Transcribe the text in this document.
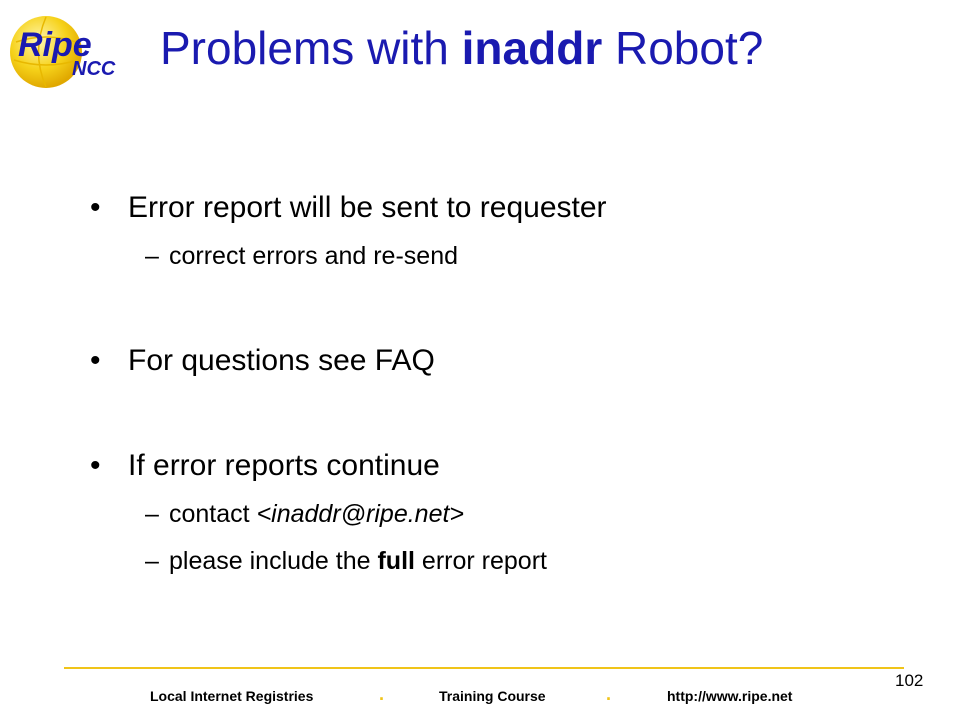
Ripe
NCC Problems with inaddr Robot?
• Error report will be sent to requester
– correct errors and re-send
• For questions see FAQ
• If error reports continue
– contact <inaddr@ripe.net>
– please include the full error report
Local Internet Registries	.	Training Course	.	http://www.ripe.net
102
